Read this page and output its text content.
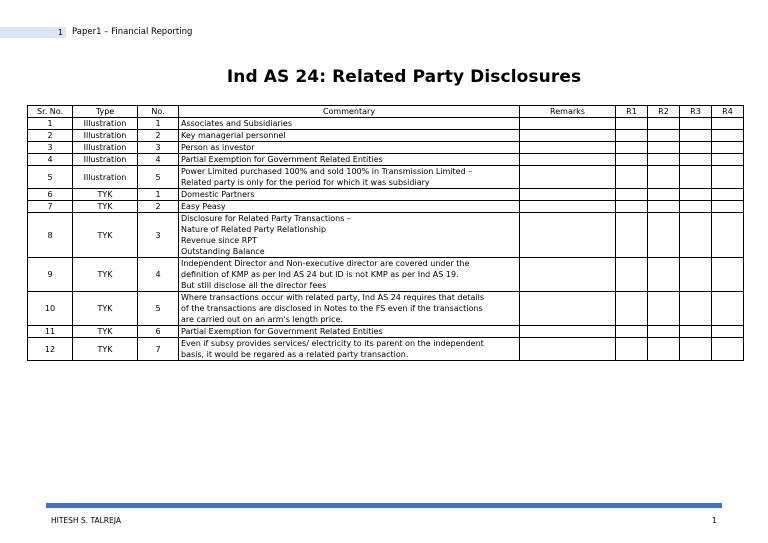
1	Paper1 – Financial Reporting
Ind AS 24: Related Party Disclosures
Sr. No.	Type	No.	Commentary	Remarks	R1	R2	R3	R4
1	Illustration	1	Associates and Subsidiaries					

2	Illustration	2	Key managerial personnel					

3	Illustration	3	Person as investor					

4	Illustration	4	Partial Exemption for Government Related Entities					

5	Illustration	5	Power Limited purchased 100% and sold 100% in Transmission Limited –
Related party is only for the period for which it was subsidiary					

6	TYK	1	Domestic Partners					

7	TYK	2	Easy Peasy					

8	TYK	3	Disclosure for Related Party Transactions –
Nature of Related Party Relationship
Revenue since RPT
Outstanding Balance					

9	TYK	4	Independent Director and Non-executive director are covered under the
definition of KMP as per Ind AS 24 but ID is not KMP as per Ind AS 19.
But still disclose all the director fees					

10	TYK	5	Where transactions occur with related party, Ind AS 24 requires that details
of the transactions are disclosed in Notes to the FS even if the transactions
are carried out on an arm's length price.					

11	TYK	6	Partial Exemption for Government Related Entities					

12	TYK	7	Even if subsy provides services/ electricity to its parent on the independent
basis, it would be regared as a related party transaction.					

HITESH S. TALREJA	1
